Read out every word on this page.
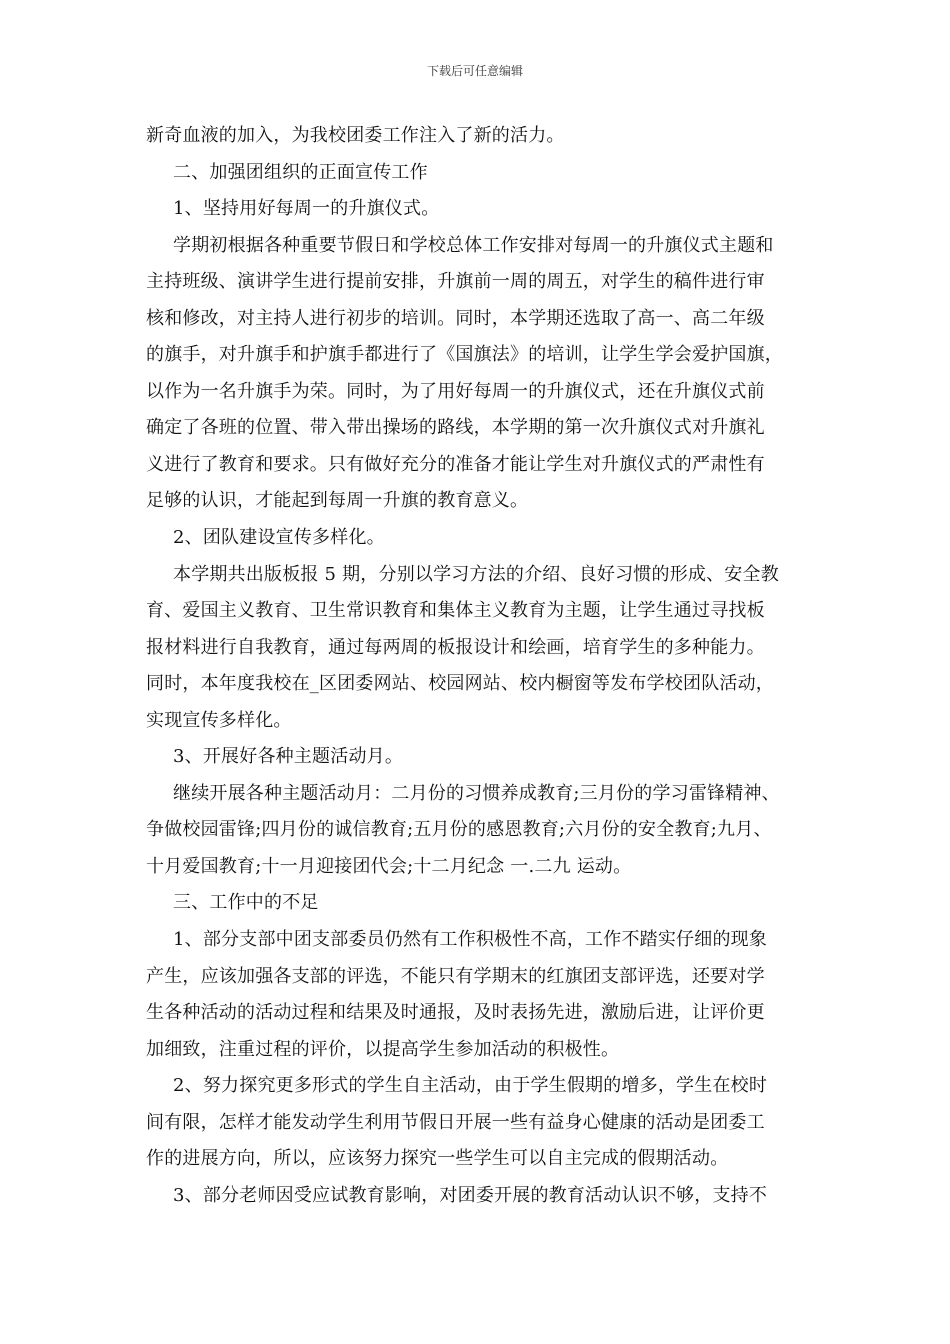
下载后可任意编辑
新奇血液的加入，为我校团委工作注入了新的活力。
二、加强团组织的正面宣传工作
1、坚持用好每周一的升旗仪式。
学期初根据各种重要节假日和学校总体工作安排对每周一的升旗仪式主题和
主持班级、演讲学生进行提前安排，升旗前一周的周五，对学生的稿件进行审
核和修改，对主持人进行初步的培训。同时，本学期还选取了高一、高二年级
的旗手，对升旗手和护旗手都进行了《国旗法》的培训，让学生学会爱护国旗，
以作为一名升旗手为荣。同时，为了用好每周一的升旗仪式，还在升旗仪式前
确定了各班的位置、带入带出操场的路线，本学期的第一次升旗仪式对升旗礼
义进行了教育和要求。只有做好充分的准备才能让学生对升旗仪式的严肃性有
足够的认识，才能起到每周一升旗的教育意义。
2、团队建设宣传多样化。
本学期共出版板报 5 期，分别以学习方法的介绍、良好习惯的形成、安全教
育、爱国主义教育、卫生常识教育和集体主义教育为主题，让学生通过寻找板
报材料进行自我教育，通过每两周的板报设计和绘画，培育学生的多种能力。
同时，本年度我校在_区团委网站、校园网站、校内橱窗等发布学校团队活动，
实现宣传多样化。
3、开展好各种主题活动月。
继续开展各种主题活动月：二月份的习惯养成教育;三月份的学习雷锋精神、
争做校园雷锋;四月份的诚信教育;五月份的感恩教育;六月份的安全教育;九月、
十月爱国教育;十一月迎接团代会;十二月纪念 一.二九 运动。
三、工作中的不足
1、部分支部中团支部委员仍然有工作积极性不高，工作不踏实仔细的现象
产生，应该加强各支部的评选，不能只有学期末的红旗团支部评选，还要对学
生各种活动的活动过程和结果及时通报，及时表扬先进，激励后进，让评价更
加细致，注重过程的评价，以提高学生参加活动的积极性。
2、努力探究更多形式的学生自主活动，由于学生假期的增多，学生在校时
间有限，怎样才能发动学生利用节假日开展一些有益身心健康的活动是团委工
作的进展方向，所以，应该努力探究一些学生可以自主完成的假期活动。
3、部分老师因受应试教育影响，对团委开展的教育活动认识不够，支持不
